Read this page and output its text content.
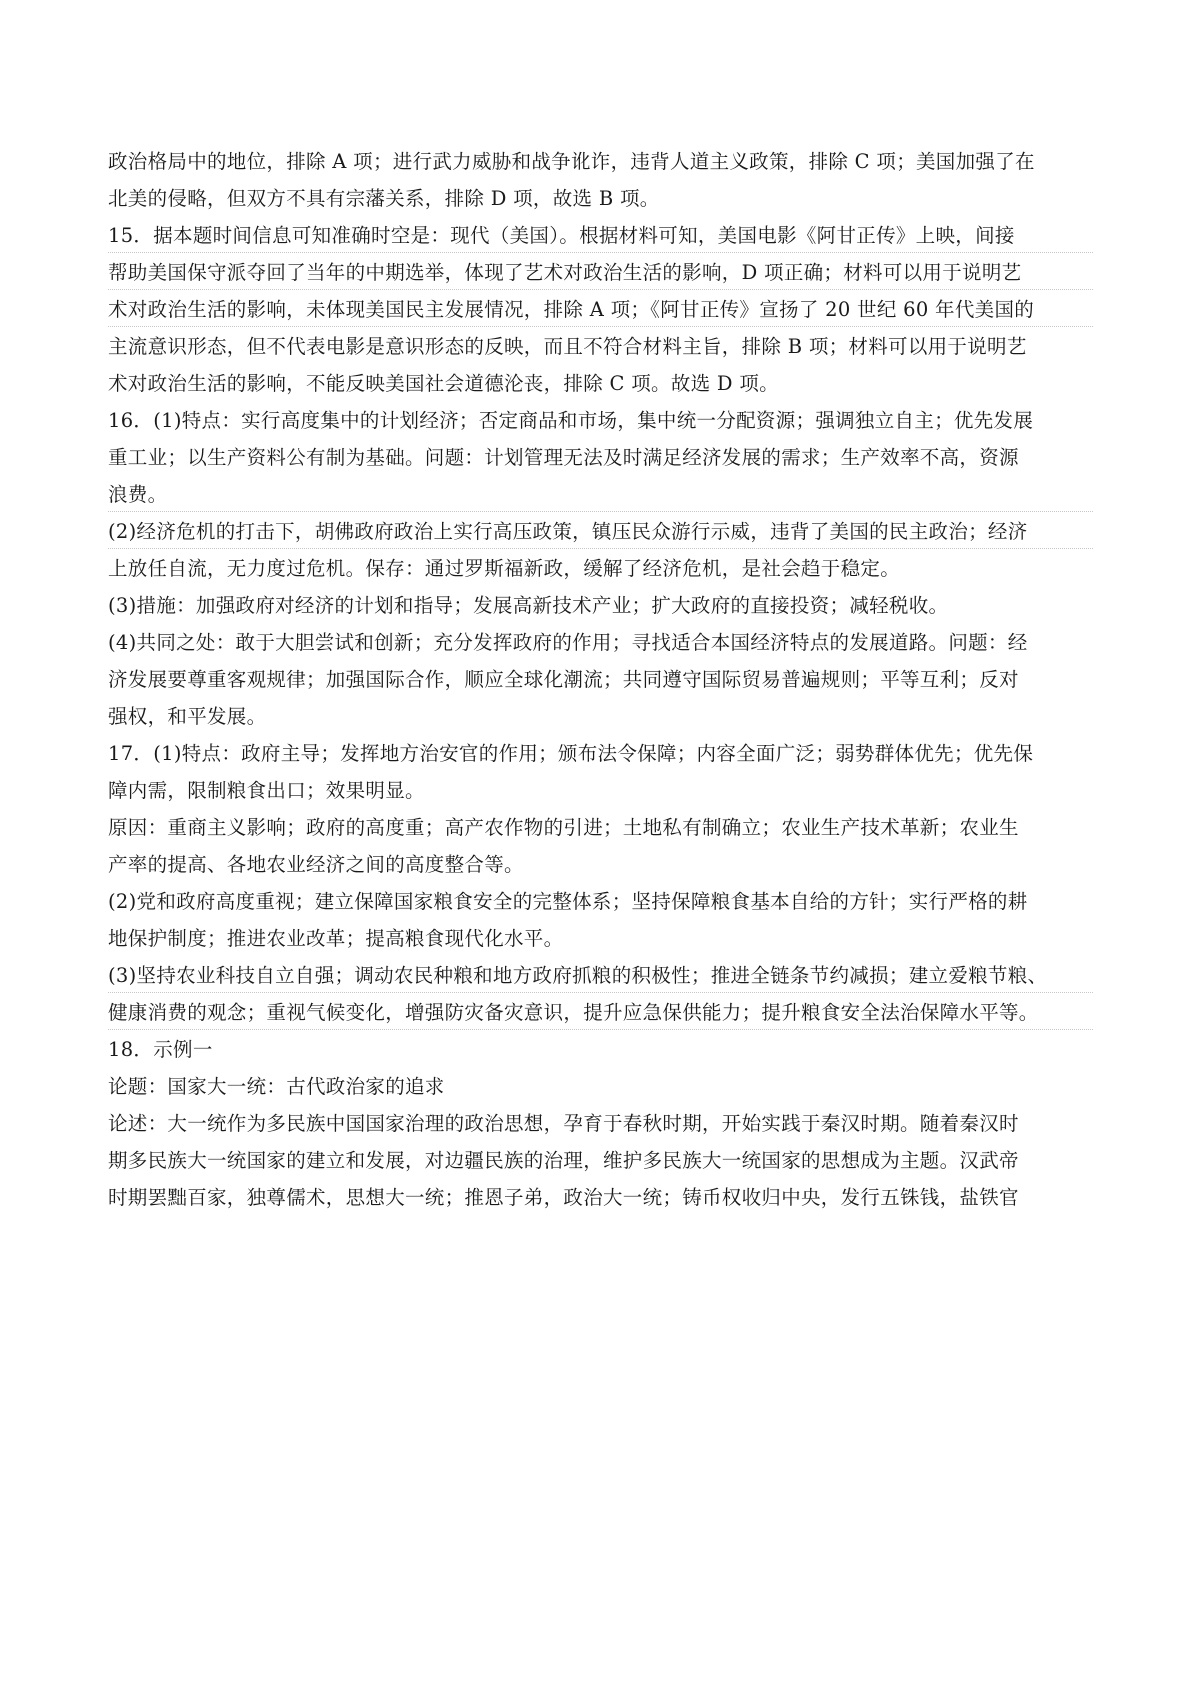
政治格局中的地位，排除 A 项；进行武力威胁和战争讹诈，违背人道主义政策，排除 C 项；美国加强了在
北美的侵略，但双方不具有宗藩关系，排除 D 项，故选 B 项。

15．据本题时间信息可知准确时空是：现代（美国）。根据材料可知，美国电影《阿甘正传》上映，间接
帮助美国保守派夺回了当年的中期选举，体现了艺术对政治生活的影响，D 项正确；材料可以用于说明艺
术对政治生活的影响，未体现美国民主发展情况，排除 A 项；《阿甘正传》宣扬了 20 世纪 60 年代美国的
主流意识形态，但不代表电影是意识形态的反映，而且不符合材料主旨，排除 B 项；材料可以用于说明艺
术对政治生活的影响，不能反映美国社会道德沦丧，排除 C 项。故选 D 项。

16．(1)特点：实行高度集中的计划经济；否定商品和市场，集中统一分配资源；强调独立自主；优先发展
重工业；以生产资料公有制为基础。问题：计划管理无法及时满足经济发展的需求；生产效率不高，资源
浪费。

(2)经济危机的打击下，胡佛政府政治上实行高压政策，镇压民众游行示威，违背了美国的民主政治；经济
上放任自流，无力度过危机。保存：通过罗斯福新政，缓解了经济危机，是社会趋于稳定。

(3)措施：加强政府对经济的计划和指导；发展高新技术产业；扩大政府的直接投资；减轻税收。

(4)共同之处：敢于大胆尝试和创新；充分发挥政府的作用；寻找适合本国经济特点的发展道路。问题：经
济发展要尊重客观规律；加强国际合作，顺应全球化潮流；共同遵守国际贸易普遍规则；平等互利；反对
强权，和平发展。

17．(1)特点：政府主导；发挥地方治安官的作用；颁布法令保障；内容全面广泛；弱势群体优先；优先保
障内需，限制粮食出口；效果明显。

原因：重商主义影响；政府的高度重；高产农作物的引进；土地私有制确立；农业生产技术革新；农业生
产率的提高、各地农业经济之间的高度整合等。

(2)党和政府高度重视；建立保障国家粮食安全的完整体系；坚持保障粮食基本自给的方针；实行严格的耕
地保护制度；推进农业改革；提高粮食现代化水平。

(3)坚持农业科技自立自强；调动农民种粮和地方政府抓粮的积极性；推进全链条节约减损；建立爱粮节粮、
健康消费的观念；重视气候变化，增强防灾备灾意识，提升应急保供能力；提升粮食安全法治保障水平等。

18．示例一

论题：国家大一统：古代政治家的追求

论述：大一统作为多民族中国国家治理的政治思想，孕育于春秋时期，开始实践于秦汉时期。随着秦汉时
期多民族大一统国家的建立和发展，对边疆民族的治理，维护多民族大一统国家的思想成为主题。汉武帝
时期罢黜百家，独尊儒术，思想大一统；推恩子弟，政治大一统；铸币权收归中央，发行五铢钱，盐铁官
